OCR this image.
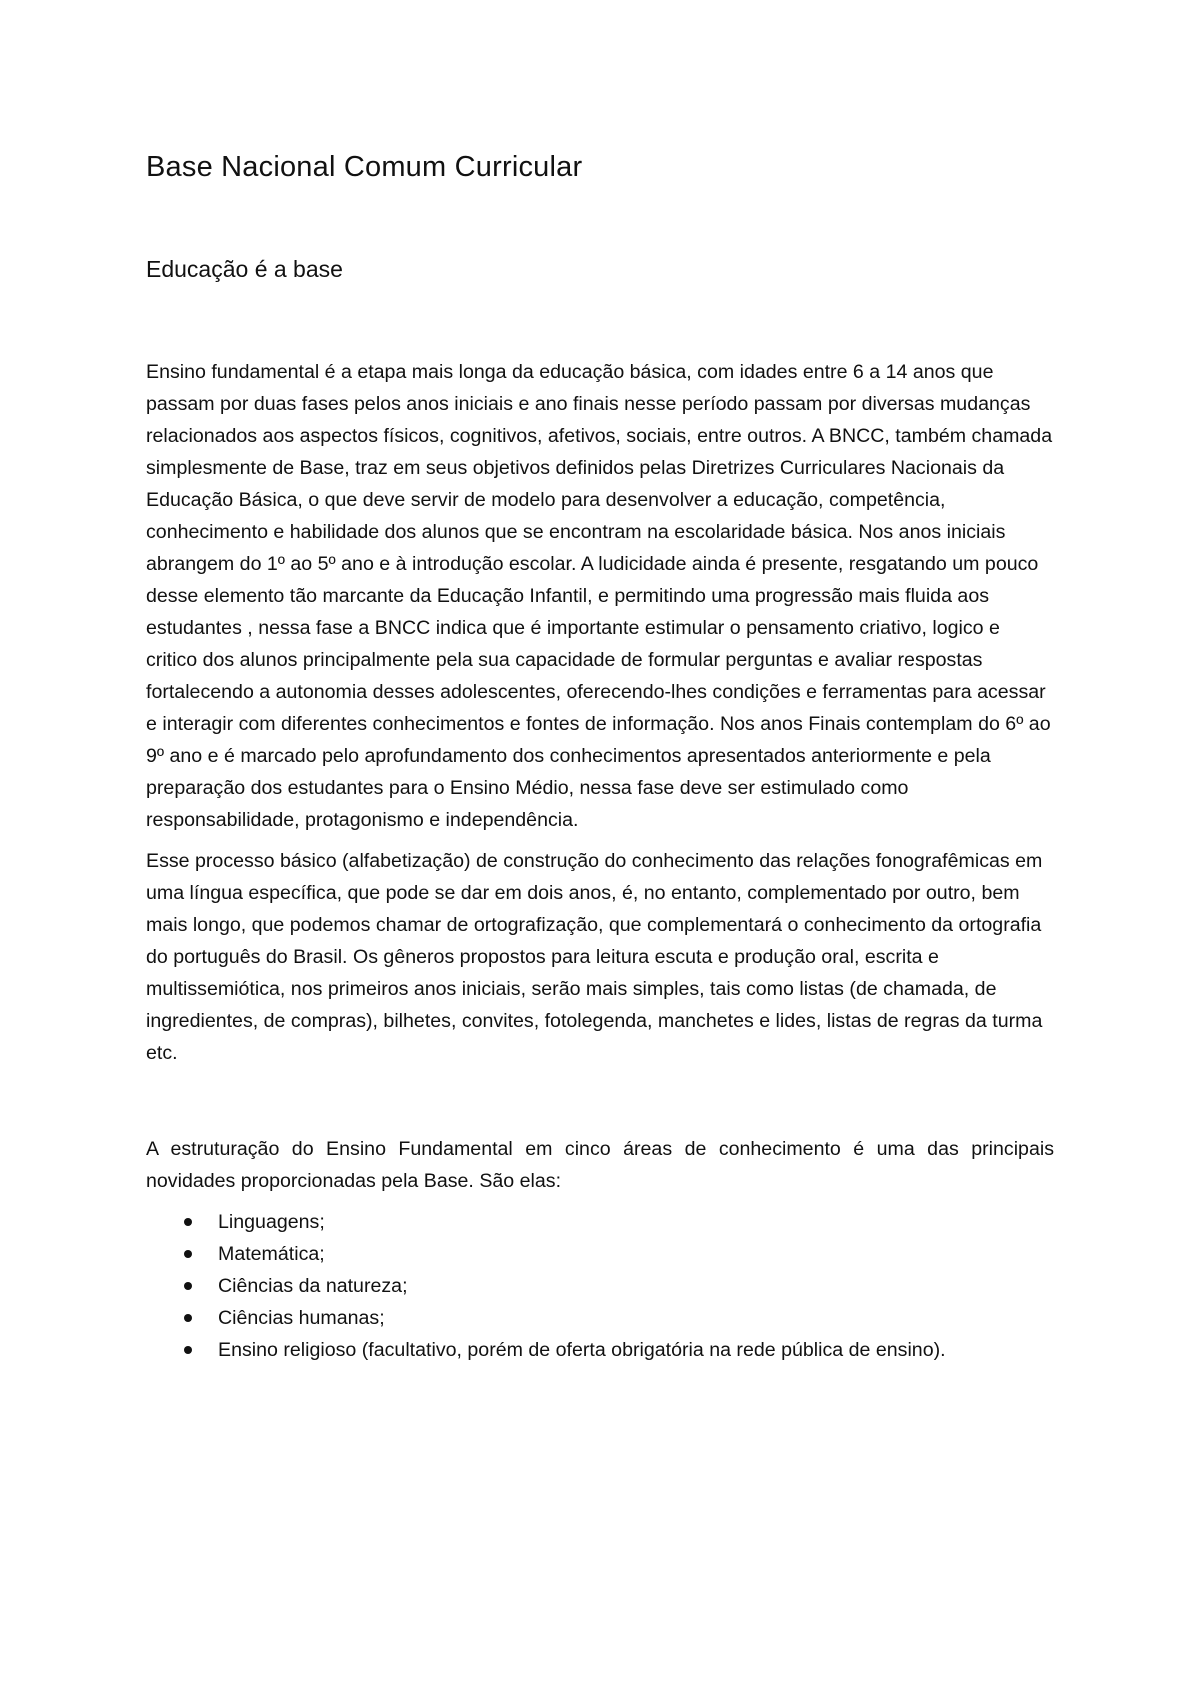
Base Nacional Comum Curricular
Educação é a base

Ensino fundamental é a etapa mais longa da educação básica, com idades entre 6 a 14 anos que passam por duas fases pelos anos iniciais e ano finais nesse período passam por diversas mudanças relacionados aos aspectos físicos, cognitivos, afetivos, sociais, entre outros. A BNCC, também chamada simplesmente de Base, traz em seus objetivos definidos pelas Diretrizes Curriculares Nacionais da Educação Básica, o que deve servir de modelo para desenvolver a educação, competência, conhecimento e habilidade dos alunos que se encontram na escolaridade básica. Nos anos iniciais abrangem do 1º ao 5º ano e à introdução escolar. A ludicidade ainda é presente, resgatando um pouco desse elemento tão marcante da Educação Infantil, e permitindo uma progressão mais fluida aos estudantes , nessa fase a BNCC indica que é importante estimular o pensamento criativo, logico e critico dos alunos principalmente pela sua capacidade de formular perguntas e avaliar respostas fortalecendo a autonomia desses adolescentes, oferecendo-lhes condições e ferramentas para acessar e interagir com diferentes conhecimentos e fontes de informação. Nos anos Finais contemplam do 6º ao 9º ano e é marcado pelo aprofundamento dos conhecimentos apresentados anteriormente e pela preparação dos estudantes para o Ensino Médio, nessa fase deve ser estimulado como responsabilidade, protagonismo e independência.

Esse processo básico (alfabetização) de construção do conhecimento das relações fonografêmicas em uma língua específica, que pode se dar em dois anos, é, no entanto, complementado por outro, bem mais longo, que podemos chamar de ortografização, que complementará o conhecimento da ortografia do português do Brasil. Os gêneros propostos para leitura escuta e produção oral, escrita e multissemiótica, nos primeiros anos iniciais, serão mais simples, tais como listas (de chamada, de ingredientes, de compras), bilhetes, convites, fotolegenda, manchetes e lides, listas de regras da turma etc.

A estruturação do Ensino Fundamental em cinco áreas de conhecimento é uma das principais novidades proporcionadas pela Base. São elas:

Linguagens;
Matemática;
Ciências da natureza;
Ciências humanas;
Ensino religioso (facultativo, porém de oferta obrigatória na rede pública de ensino).
